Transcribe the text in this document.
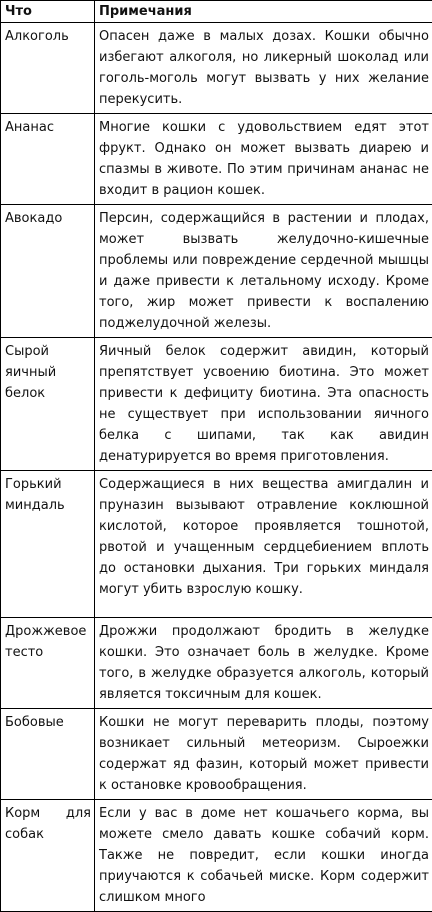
Что	Примечания
Алкоголь	Опасен даже в малых дозах. Кошки обычно избегают алкоголя, но ликерный шоколад или гоголь-моголь могут вызвать у них желание перекусить.
Ананас	Многие кошки с удовольствием едят этот фрукт. Однако он может вызвать диарею и спазмы в животе. По этим причинам ананас не входит в рацион кошек.
Авокадо	Персин, содержащийся в растении и плодах, может вызвать желудочно-кишечные проблемы или повреждение сердечной мышцы и даже привести к летальному исходу. Кроме того, жир может привести к воспалению поджелудочной железы.
Сырой яичный белок	Яичный белок содержит авидин, который препятствует усвоению биотина. Это может привести к дефициту биотина. Эта опасность не существует при использовании яичного белка с шипами, так как авидин денатурируется во время приготовления.
Горький миндаль	Содержащиеся в них вещества амигдалин и пруназин вызывают отравление коклюшной кислотой, которое проявляется тошнотой, рвотой и учащенным сердцебиением вплоть до остановки дыхания. Три горьких миндаля могут убить взрослую кошку.
Дрожжевое тесто	Дрожжи продолжают бродить в желудке кошки. Это означает боль в желудке. Кроме того, в желудке образуется алкоголь, который является токсичным для кошек.
Бобовые	Кошки не могут переварить плоды, поэтому возникает сильный метеоризм. Сыроежки содержат яд фазин, который может привести к остановке кровообращения.
Корм для собак	Если у вас в доме нет кошачьего корма, вы можете смело давать кошке собачий корм. Также не повредит, если кошки иногда приучаются к собачьей миске. Корм содержит слишком много
